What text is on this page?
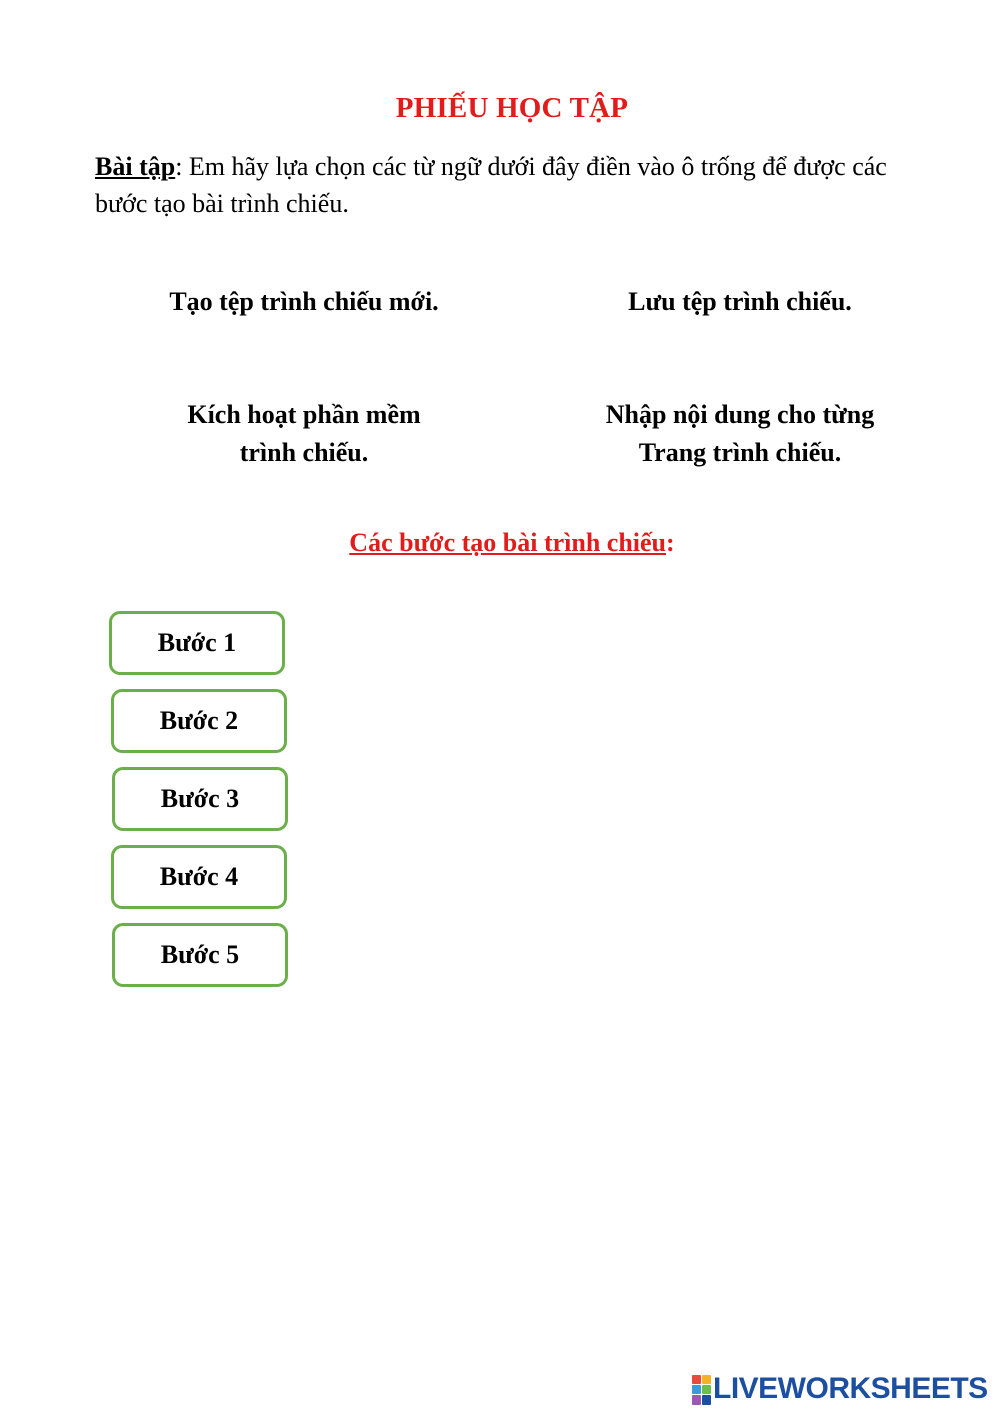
PHIẾU HỌC TẬP
Bài tập: Em hãy lựa chọn các từ ngữ dưới đây điền vào ô trống để được các bước tạo bài trình chiếu.
Tạo tệp trình chiếu mới.	Lưu tệp trình chiếu.
Kích hoạt phần mềm
trình chiếu.
Nhập nội dung cho từng
Trang trình chiếu.
Các bước tạo bài trình chiếu:
Bước 1
Bước 2
Bước 3
Bước 4
Bước 5
LIVEWORKSHEETS
